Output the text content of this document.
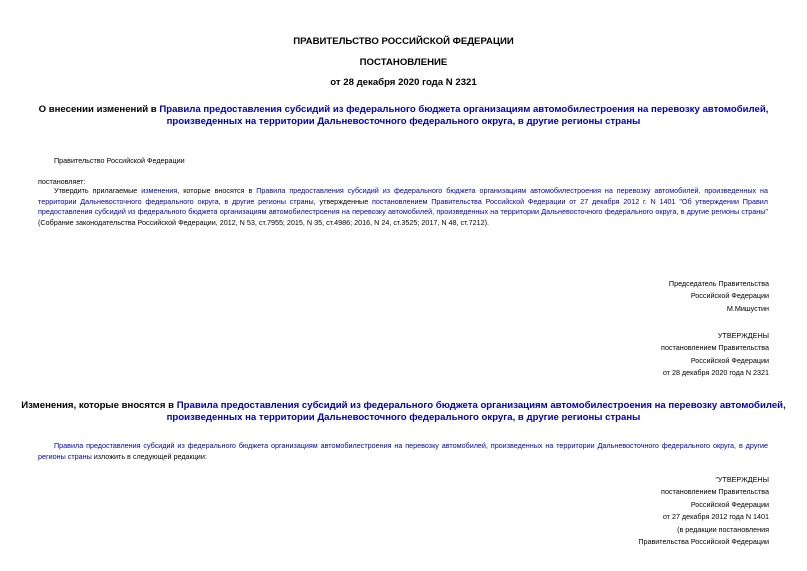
ПРАВИТЕЛЬСТВО РОССИЙСКОЙ ФЕДЕРАЦИИ
ПОСТАНОВЛЕНИЕ
от 28 декабря 2020 года N 2321
О внесении изменений в Правила предоставления субсидий из федерального бюджета организациям автомобилестроения на перевозку автомобилей,
произведенных на территории Дальневосточного федерального округа, в другие регионы страны
Правительство Российской Федерации
постановляет:
Утвердить прилагаемые изменения, которые вносятся в Правила предоставления субсидий из федерального бюджета организациям автомобилестроения на перевозку автомобилей, произведенных на территории Дальневосточного федерального округа, в другие регионы страны, утвержденные постановлением Правительства Российской Федерации от 27 декабря 2012 г. N 1401 "Об утверждении Правил предоставления субсидий из федерального бюджета организациям автомобилестроения на перевозку автомобилей, произведенных на территории Дальневосточного федерального округа, в другие регионы страны" (Собрание законодательства Российской Федерации, 2012, N 53, ст.7955; 2015, N 35, ст.4986; 2016, N 24, ст.3525; 2017, N 48, ст.7212).
Председатель Правительства
Российской Федерации
М.Мишустин
УТВЕРЖДЕНЫ
постановлением Правительства
Российской Федерации
от 28 декабря 2020 года N 2321
Изменения, которые вносятся в Правила предоставления субсидий из федерального бюджета организациям автомобилестроения на перевозку автомобилей,
произведенных на территории Дальневосточного федерального округа, в другие регионы страны
Правила предоставления субсидий из федерального бюджета организациям автомобилестроения на перевозку автомобилей, произведенных на территории Дальневосточного федерального округа, в другие регионы страны изложить в следующей редакции:
"УТВЕРЖДЕНЫ
постановлением Правительства
Российской Федерации
от 27 декабря 2012 года N 1401
(в редакции постановления
Правительства Российской Федерации
